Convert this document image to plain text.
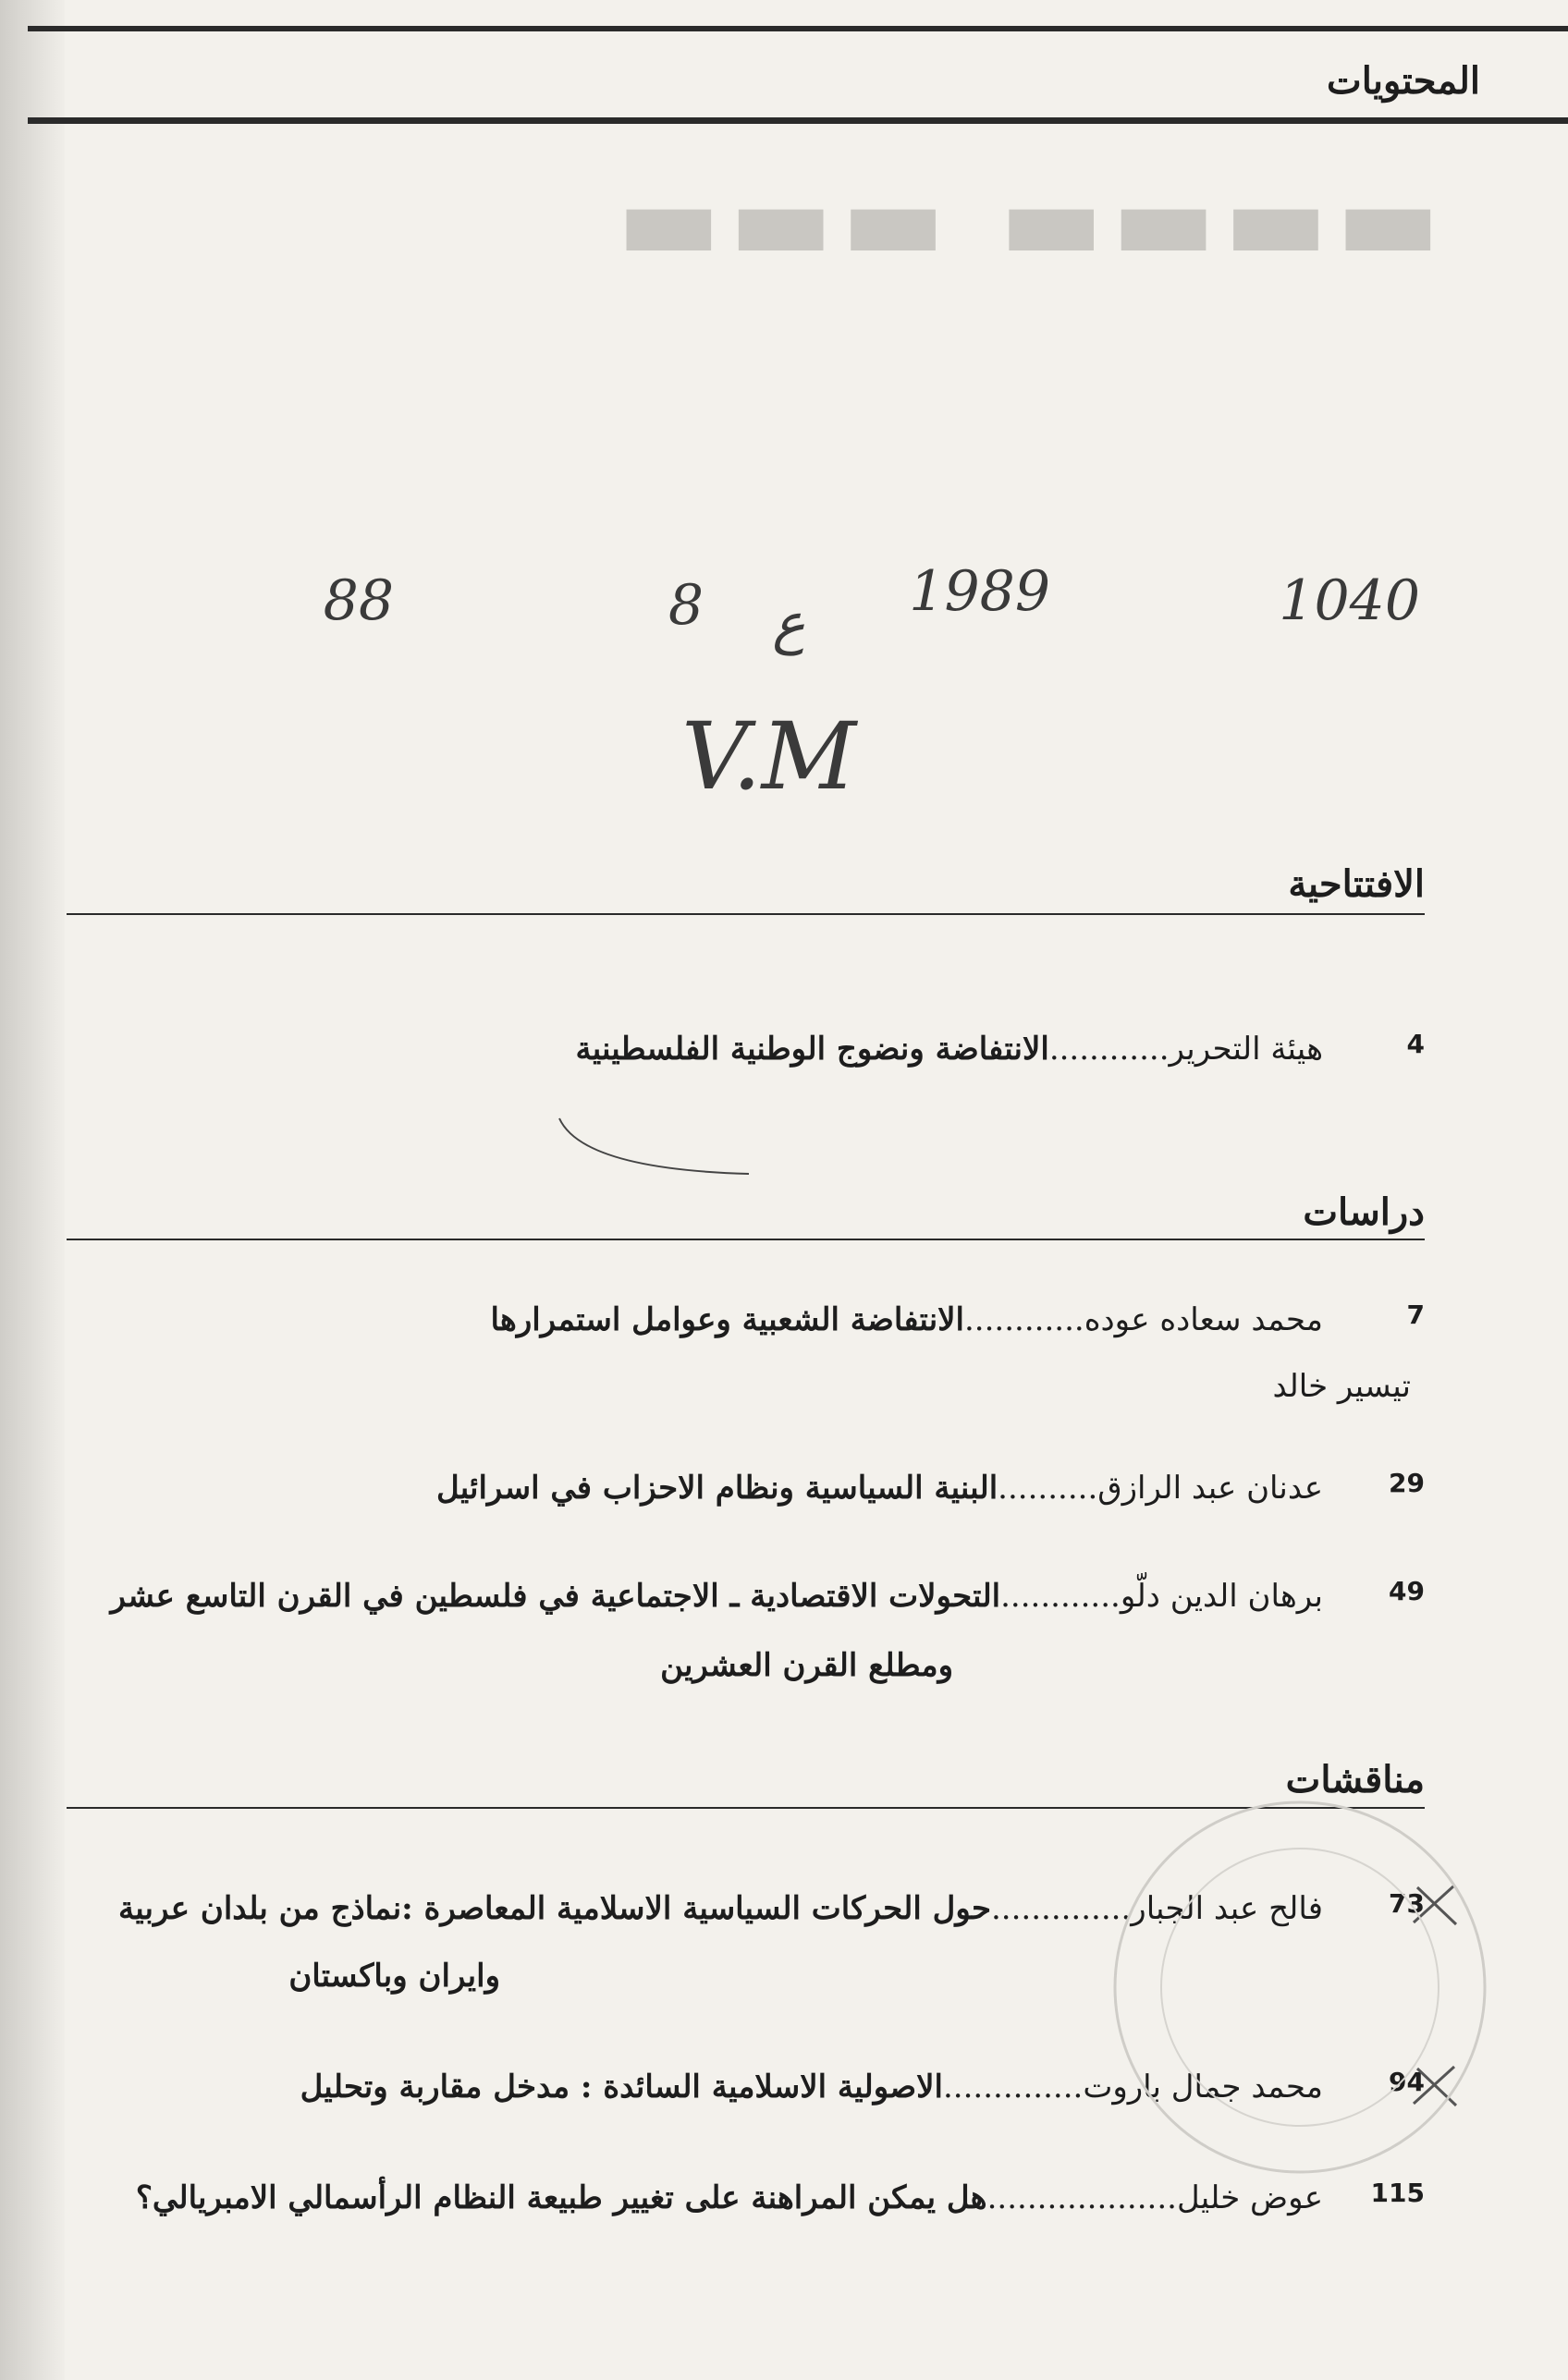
▬▬▬ ▬▬▬▬
المحتويات
1040
1989
ع
8
88
V.M
الافتتاحية
4
هيئة التحرير............الانتفاضة ونضوج الوطنية الفلسطينية
دراسات
7
محمد سعاده عوده............الانتفاضة الشعبية وعوامل استمرارها
تيسير خالد
29
عدنان عبد الرازق..........البنية السياسية ونظام الاحزاب في اسرائيل
49
برهان الدين دلّو............التحولات الاقتصادية ـ الاجتماعية في فلسطين في القرن التاسع عشر
ومطلع القرن العشرين
مناقشات
73
فالح عبد الجبار..............حول الحركات السياسية الاسلامية المعاصرة :نماذج من بلدان عربية
وايران وباكستان
94
محمد جمال باروت..............الاصولية الاسلامية السائدة : مدخل مقاربة وتحليل
115
عوض خليل...................هل يمكن المراهنة على تغيير طبيعة النظام الرأسمالي الامبريالي؟
